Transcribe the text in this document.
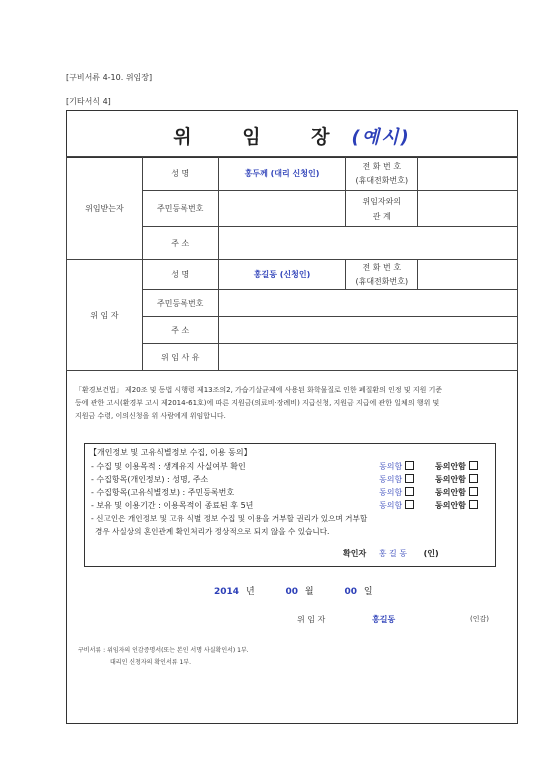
[구비서류 4-10. 위임장]
[기타서식 4]
위 임 장(예시)
위임받는자	성 명	홍두께 (대리 신청인)	전 화 번 호
(휴대전화번호)	

	주민등록번호		위임자와의
관 계	

	주 소			
위 임 자	성 명	홍길동 (신청인)	전 화 번 호
(휴대전화번호)	

	주민등록번호			
	주 소			
	위 임 사 유			
「환경보건법」 제20조 및 동법 시행령 제13조의2, 가습기살균제에 사용된 화학물질로 인한 폐질환의 인정 및 지원 기준
등에 관한 고시(환경부 고시 제2014-61호)에 따른 지원금(의료비·장례비) 지급신청, 지원금 지급에 관한 일체의 행위 및
지원금 수령, 이의신청을 위 사람에게 위임합니다.
【개인정보 및 고유식별정보 수집, 이용 동의】
- 수집 및 이용목적 : 생계유지 사실여부 확인	동의함	동의안함
- 수집항목(개인정보) : 성명, 주소	동의함	동의안함
- 수집항목(고유식별정보) : 주민등록번호	동의함	동의안함
- 보유 및 이용기간 : 이용목적이 종료된 후 5년	동의함	동의안함
- 신고인은 개인정보 및 고유 식별 정보 수집 및 이용을 거부할 권리가 있으며 거부할
경우 사실상의 혼인관계 확인처리가 정상적으로 되지 않을 수 있습니다.
확인자 홍 길 동 (인)
2014 년	00 월	00 일
위 임 자	홍길동	(인감)
구비서류 : 위임자의 인감증명서(또는 본인 서명 사실확인서) 1부.
대리인 신청자의 확인서류 1부.
